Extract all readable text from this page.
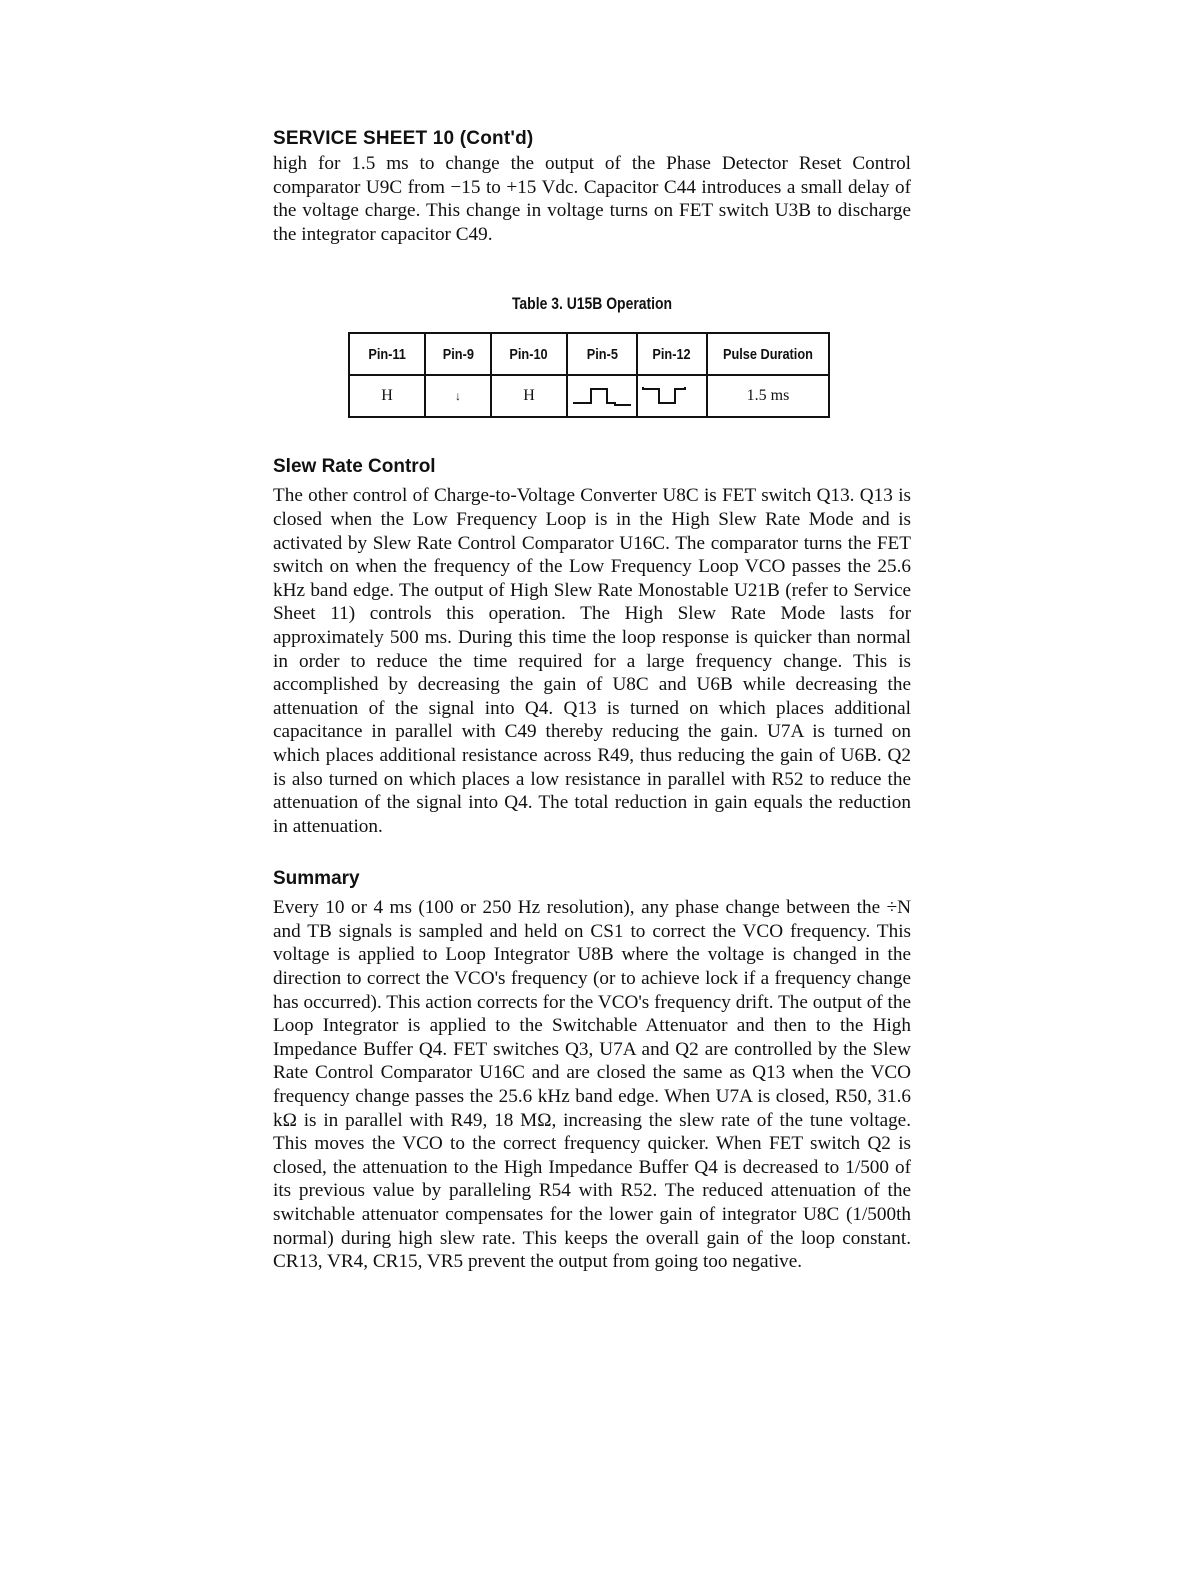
SERVICE SHEET 10 (Cont'd)

high for 1.5 ms to change the output of the Phase Detector Reset Control comparator U9C from −15 to +15 Vdc. Capacitor C44 introduces a small delay of the voltage charge. This change in voltage turns on FET switch U3B to discharge the integrator capacitor C49.

Table 3. U15B Operation
Pin-11	Pin-9	Pin-10	Pin-5	Pin-12	Pulse Duration
H	↓	H			1.5 ms
Slew Rate Control

The other control of Charge-to-Voltage Converter U8C is FET switch Q13. Q13 is closed when the Low Frequency Loop is in the High Slew Rate Mode and is activated by Slew Rate Control Comparator U16C. The comparator turns the FET switch on when the frequency of the Low Frequency Loop VCO passes the 25.6 kHz band edge. The output of High Slew Rate Monostable U21B (refer to Service Sheet 11) controls this operation. The High Slew Rate Mode lasts for approximately 500 ms. During this time the loop response is quicker than normal in order to reduce the time required for a large frequency change. This is accomplished by decreasing the gain of U8C and U6B while decreasing the attenuation of the signal into Q4. Q13 is turned on which places additional capacitance in parallel with C49 thereby reducing the gain. U7A is turned on which places additional resistance across R49, thus reducing the gain of U6B. Q2 is also turned on which places a low resistance in parallel with R52 to reduce the attenuation of the signal into Q4. The total reduction in gain equals the reduction in attenuation.

Summary

Every 10 or 4 ms (100 or 250 Hz resolution), any phase change between the ÷N and TB signals is sampled and held on CS1 to correct the VCO frequency. This voltage is applied to Loop Integrator U8B where the voltage is changed in the direction to correct the VCO's frequency (or to achieve lock if a frequency change has occurred). This action corrects for the VCO's frequency drift. The output of the Loop Integrator is applied to the Switchable Attenuator and then to the High Impedance Buffer Q4. FET switches Q3, U7A and Q2 are controlled by the Slew Rate Control Comparator U16C and are closed the same as Q13 when the VCO frequency change passes the 25.6 kHz band edge. When U7A is closed, R50, 31.6 kΩ is in parallel with R49, 18 MΩ, increasing the slew rate of the tune voltage. This moves the VCO to the correct frequency quicker. When FET switch Q2 is closed, the attenuation to the High Impedance Buffer Q4 is decreased to 1/500 of its previous value by paralleling R54 with R52. The reduced attenuation of the switchable attenuator compensates for the lower gain of integrator U8C (1/500th normal) during high slew rate. This keeps the overall gain of the loop constant. CR13, VR4, CR15, VR5 prevent the output from going too negative.
